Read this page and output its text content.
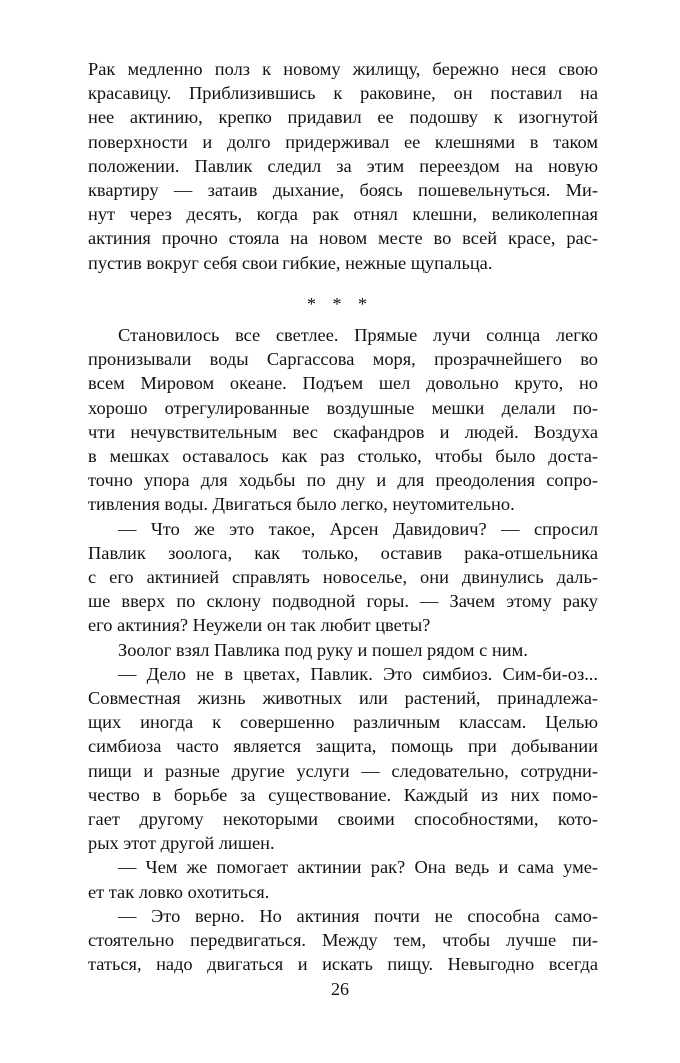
Рак медленно полз к новому жилищу, бережно неся свою
красавицу. Приблизившись к раковине, он поставил на
нее актинию, крепко придавил ее подошву к изогнутой
поверхности и долго придерживал ее клешнями в таком
положении. Павлик следил за этим переездом на новую
квартиру — затаив дыхание, боясь пошевельнуться. Ми-
нут через десять, когда рак отнял клешни, великолепная
актиния прочно стояла на новом месте во всей красе, рас-
пустив вокруг себя свои гибкие, нежные щупальца.
* * *
Становилось все светлее. Прямые лучи солнца легко
пронизывали воды Саргассова моря, прозрачнейшего во
всем Мировом океане. Подъем шел довольно круто, но
хорошо отрегулированные воздушные мешки делали по-
чти нечувствительным вес скафандров и людей. Воздуха
в мешках оставалось как раз столько, чтобы было доста-
точно упора для ходьбы по дну и для преодоления сопро-
тивления воды. Двигаться было легко, неутомительно.
— Что же это такое, Арсен Давидович? — спросил
Павлик зоолога, как только, оставив рака-отшельника
с его актинией справлять новоселье, они двинулись даль-
ше вверх по склону подводной горы. — Зачем этому раку
его актиния? Неужели он так любит цветы?
Зоолог взял Павлика под руку и пошел рядом с ним.
— Дело не в цветах, Павлик. Это симбиоз. Сим-би-оз...
Совместная жизнь животных или растений, принадлежа-
щих иногда к совершенно различным классам. Целью
симбиоза часто является защита, помощь при добывании
пищи и разные другие услуги — следовательно, сотрудни-
чество в борьбе за существование. Каждый из них помо-
гает другому некоторыми своими способностями, кото-
рых этот другой лишен.
— Чем же помогает актинии рак? Она ведь и сама уме-
ет так ловко охотиться.
— Это верно. Но актиния почти не способна само-
стоятельно передвигаться. Между тем, чтобы лучше пи-
таться, надо двигаться и искать пищу. Невыгодно всегда
26
